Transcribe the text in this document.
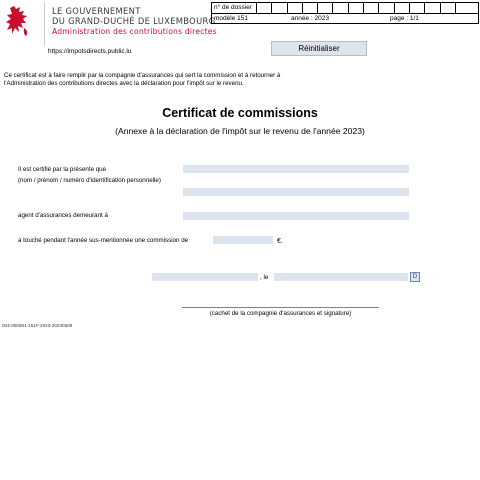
LE GOUVERNEMENT
DU GRAND-DUCHÉ DE LUXEMBOURG
Administration des contributions directes
n° de dossier
modèle 151	année : 2023	page : 1/1
https://impotsdirects.public.lu	Réinitialiser
Ce certificat est à faire remplir par la compagnie d'assurances qui sert la commission et à retourner à
l'Administration des contributions directes avec la déclaration pour l'impôt sur le revenu.
Certificat de commissions
(Annexe à la déclaration de l'impôt sur le revenu de l'année 2023)
Il est certifié par la présente que
(nom / prénom / numéro d'identification personnelle)
agent d'assurances demeurant à
a touché pendant l'année sus-mentionnée une commission de	€.
, le	D
(cachet de la compagnie d'assurances et signature)
004-000091-151F-2023-20230509
